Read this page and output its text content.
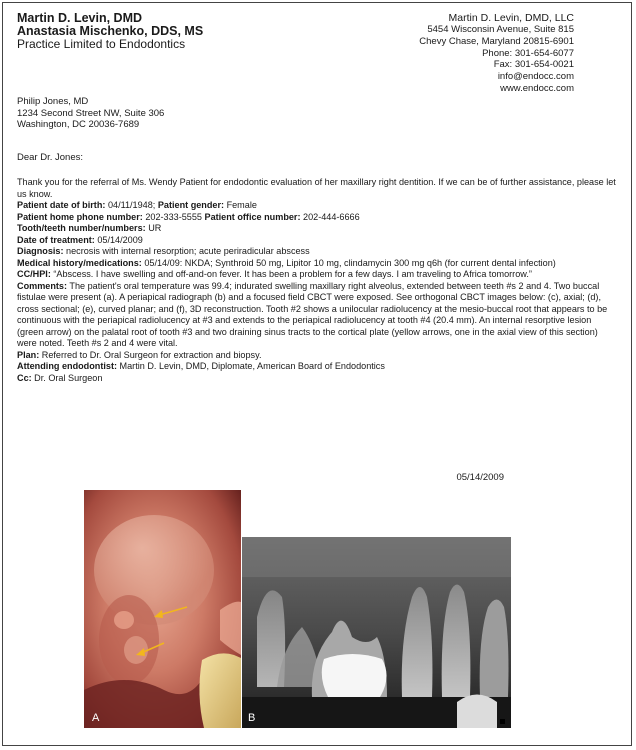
Martin D. Levin, DMD
Anastasia Mischenko, DDS, MS
Practice Limited to Endodontics
Martin D. Levin, DMD, LLC
5454 Wisconsin Avenue, Suite 815
Chevy Chase, Maryland 20815-6901
Phone: 301-654-6077
Fax: 301-654-0021
info@endocc.com
www.endocc.com
Philip Jones, MD
1234 Second Street NW, Suite 306
Washington, DC 20036-7689
Dear Dr. Jones:

Thank you for the referral of Ms. Wendy Patient for endodontic evaluation of her maxillary right dentition. If we can be of further assistance, please let us know.

Patient date of birth: 04/11/1948; Patient gender: Female

Patient home phone number: 202-333-5555 Patient office number: 202-444-6666

Tooth/teeth number/numbers: UR

Date of treatment: 05/14/2009

Diagnosis: necrosis with internal resorption; acute periradicular abscess

Medical history/medications: 05/14/09: NKDA; Synthroid 50 mg, Lipitor 10 mg, clindamycin 300 mg q6h (for current dental infection)

CC/HPI: “Abscess. I have swelling and off-and-on fever. It has been a problem for a few days. I am traveling to Africa tomorrow.”

Comments: The patient's oral temperature was 99.4; indurated swelling maxillary right alveolus, extended between teeth #s 2 and 4. Two buccal fistulae were present (a). A periapical radiograph (b) and a focused field CBCT were exposed. See orthogonal CBCT images below: (c), axial; (d), cross sectional; (e), curved planar; and (f), 3D reconstruction. Tooth #2 shows a unilocular radiolucency at the mesio-buccal root that appears to be continuous with the periapical radiolucency at #3 and extends to the periapical radiolucency at tooth #4 (20.4 mm). An internal resorptive lesion (green arrow) on the palatal root of tooth #3 and two draining sinus tracts to the cortical plate (yellow arrows, one in the axial view of this section) were noted. Teeth #s 2 and 4 were vital.

Plan: Referred to Dr. Oral Surgeon for extraction and biopsy.

Attending endodontist: Martin D. Levin, DMD, Diplomate, American Board of Endodontics

Cc: Dr. Oral Surgeon

05/14/2009
A	B
